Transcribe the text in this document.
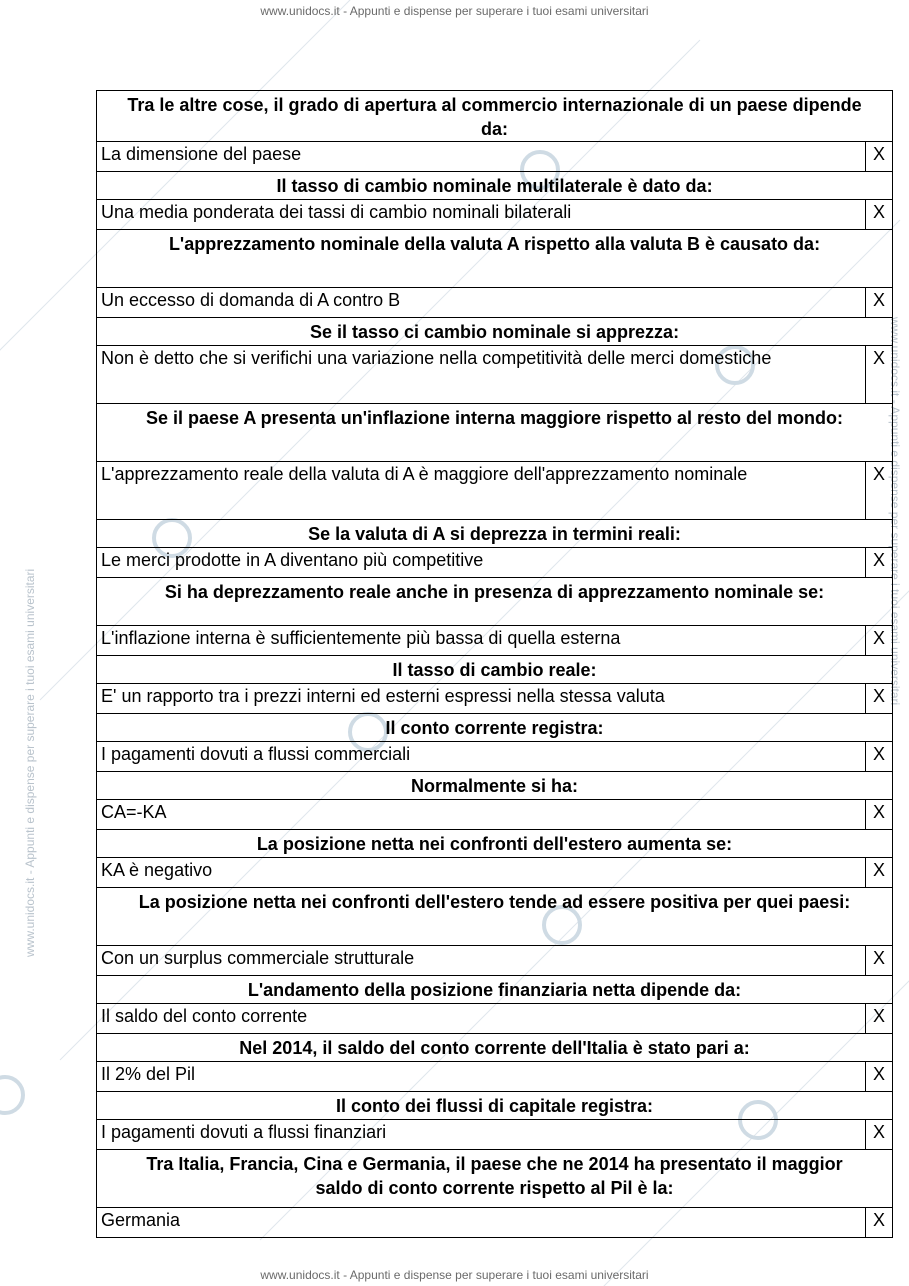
www.unidocs.it - Appunti e dispense per superare i tuoi esami universitari
www.unidocs.it - Appunti e dispense per superare i tuoi esami universitari
www.unidocs.it - Appunti e dispense per superare i tuoi esami universitari
Tra le altre cose, il grado di apertura al commercio internazionale di un paese dipende da:	
La dimensione del paese	X
Il tasso di cambio nominale multilaterale è dato da:	
Una media ponderata dei tassi di cambio nominali bilaterali	X
L'apprezzamento nominale della valuta A rispetto alla valuta B è causato da:	
Un eccesso di domanda di A contro B	X
Se il tasso ci cambio nominale si apprezza:	
Non è detto che si verifichi una variazione nella competitività delle merci domestiche	X
Se il paese A presenta un'inflazione interna maggiore rispetto al resto del mondo:	
L'apprezzamento reale della valuta di A è maggiore dell'apprezzamento nominale	X
Se la valuta di A si deprezza in termini reali:	
Le merci prodotte in A diventano più competitive	X
Si ha deprezzamento reale anche in presenza di apprezzamento nominale se:	
L'inflazione interna è sufficientemente più bassa di quella esterna	X
Il tasso di cambio reale:	
E' un rapporto tra i prezzi interni ed esterni espressi nella stessa valuta	X
Il conto corrente registra:	
I pagamenti dovuti a flussi commerciali	X
Normalmente si ha:	
CA=-KA	X
La posizione netta nei confronti dell'estero aumenta se:	
KA è negativo	X
La posizione netta nei confronti dell'estero tende ad essere positiva per quei paesi:	
Con un surplus commerciale strutturale	X
L'andamento della posizione finanziaria netta dipende da:	
Il saldo del conto corrente	X
Nel 2014, il saldo del conto corrente dell'Italia è stato pari a:	
Il 2% del Pil	X
Il conto dei flussi di capitale registra:	
I pagamenti dovuti a flussi finanziari	X
Tra Italia, Francia, Cina e Germania, il paese che ne 2014 ha presentato il maggior saldo di conto corrente rispetto al Pil è la:	
Germania	X
www.unidocs.it - Appunti e dispense per superare i tuoi esami universitari
